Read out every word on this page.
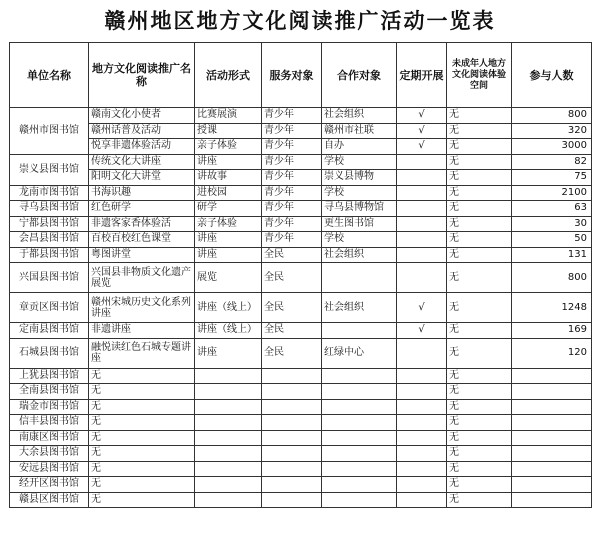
赣州地区地方文化阅读推广活动一览表
单位名称	地方文化阅读推广名称	活动形式	服务对象	合作对象	定期开展	未成年人地方文化阅读体验空间	参与人数
赣州市图书馆	赣南文化小使者	比赛展演	青少年	社会组织	√	无	800
	赣州话普及活动	授课	青少年	赣州市社联	√	无	320
	悦享非遗体验活动	亲子体验	青少年	自办	√	无	3000
崇义县图书馆	传统文化大讲座	讲座	青少年	学校		无	82
	阳明文化大讲堂	讲故事	青少年	崇义县博物		无	75
龙南市图书馆	书海识趣	进校园	青少年	学校		无	2100
寻乌县图书馆	红色研学	研学	青少年	寻乌县博物馆		无	63
宁都县图书馆	非遗客家香体验活	亲子体验	青少年	更生图书馆		无	30
会昌县图书馆	百校百校红色课堂	讲座	青少年	学校		无	50
于都县图书馆	粤图讲堂	讲座	全民	社会组织		无	131
兴国县图书馆	兴国县非物质文化遗产展览	展览	全民			无	800
章贡区图书馆	赣州宋城历史文化系列讲座	讲座（线上）	全民	社会组织	√	无	1248
定南县图书馆	非遗讲座	讲座（线上）	全民		√	无	169
石城县图书馆	融悦读红色石城专题讲座	讲座	全民	红绿中心		无	120
上犹县图书馆	无					无	
全南县图书馆	无					无	
瑞金市图书馆	无					无	
信丰县图书馆	无					无	
南康区图书馆	无					无	
大余县图书馆	无					无	
安远县图书馆	无					无	
经开区图书馆	无					无	
赣县区图书馆	无					无	
